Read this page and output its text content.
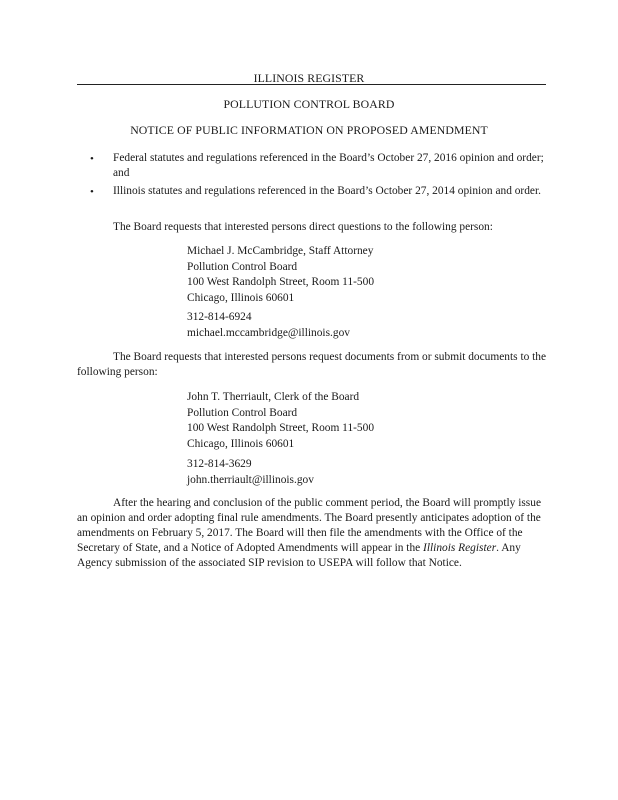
ILLINOIS REGISTER
POLLUTION CONTROL BOARD
NOTICE OF PUBLIC INFORMATION ON PROPOSED AMENDMENT
• Federal statutes and regulations referenced in the Board’s October 27, 2016 opinion and order; and
• Illinois statutes and regulations referenced in the Board’s October 27, 2014 opinion and order.
The Board requests that interested persons direct questions to the following person:
Michael J. McCambridge, Staff Attorney
Pollution Control Board
100 West Randolph Street, Room 11-500
Chicago, Illinois 60601
312-814-6924
michael.mccambridge@illinois.gov
The Board requests that interested persons request documents from or submit documents to the following person:
John T. Therriault, Clerk of the Board
Pollution Control Board
100 West Randolph Street, Room 11-500
Chicago, Illinois 60601
312-814-3629
john.therriault@illinois.gov
After the hearing and conclusion of the public comment period, the Board will promptly issue an opinion and order adopting final rule amendments. The Board presently anticipates adoption of the amendments on February 5, 2017. The Board will then file the amendments with the Office of the Secretary of State, and a Notice of Adopted Amendments will appear in the Illinois Register. Any Agency submission of the associated SIP revision to USEPA will follow that Notice.
